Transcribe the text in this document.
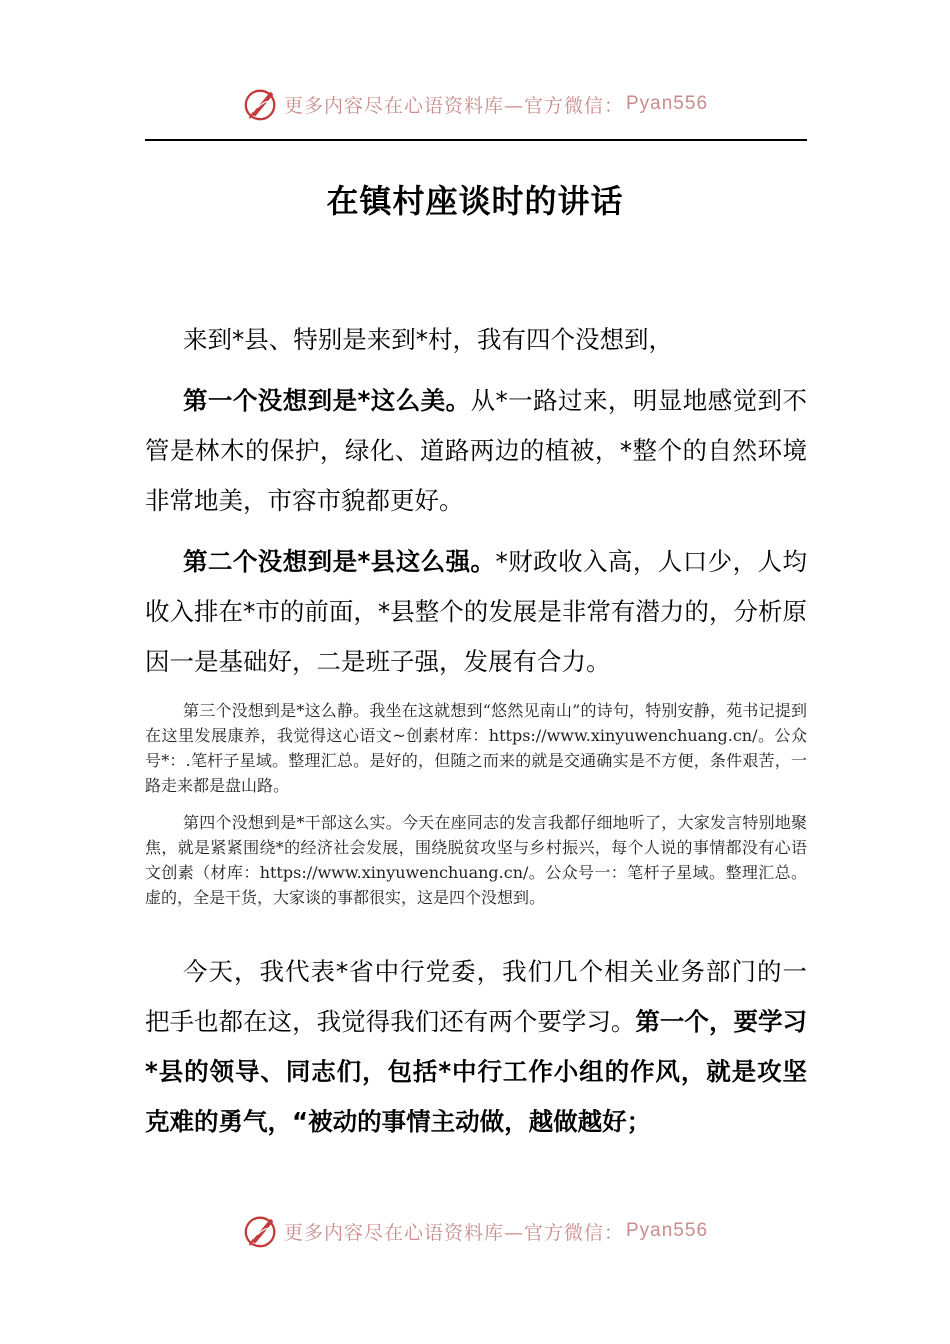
更多内容尽在心语资料库—官方微信： Pyan556
在镇村座谈时的讲话

来到*县、特别是来到*村，我有四个没想到，

第一个没想到是*这么美。从*一路过来，明显地感觉到不管是林木的保护，绿化、道路两边的植被，*整个的自然环境非常地美，市容市貌都更好。

第二个没想到是*县这么强。*财政收入高，人口少，人均收入排在*市的前面，*县整个的发展是非常有潜力的，分析原因一是基础好，二是班子强，发展有合力。

第三个没想到是*这么静。我坐在这就想到“悠然见南山”的诗句，特别安静，苑书记提到在这里发展康养，我觉得这心语文~创素材库：https://www.xinyuwenchuang.cn/。公众号*：.笔杆子星域。整理汇总。是好的，但随之而来的就是交通确实是不方便，条件艰苦，一路走来都是盘山路。

第四个没想到是*干部这么实。今天在座同志的发言我都仔细地听了，大家发言特别地聚焦，就是紧紧围绕*的经济社会发展，围绕脱贫攻坚与乡村振兴，每个人说的事情都没有心语文创素（材库：https://www.xinyuwenchuang.cn/。公众号一：笔杆子星域。整理汇总。虚的，全是干货，大家谈的事都很实，这是四个没想到。

今天，我代表*省中行党委，我们几个相关业务部门的一把手也都在这，我觉得我们还有两个要学习。第一个，要学习*县的领导、同志们，包括*中行工作小组的作风，就是攻坚克难的勇气，“被动的事情主动做，越做越好；

更多内容尽在心语资料库—官方微信： Pyan556
